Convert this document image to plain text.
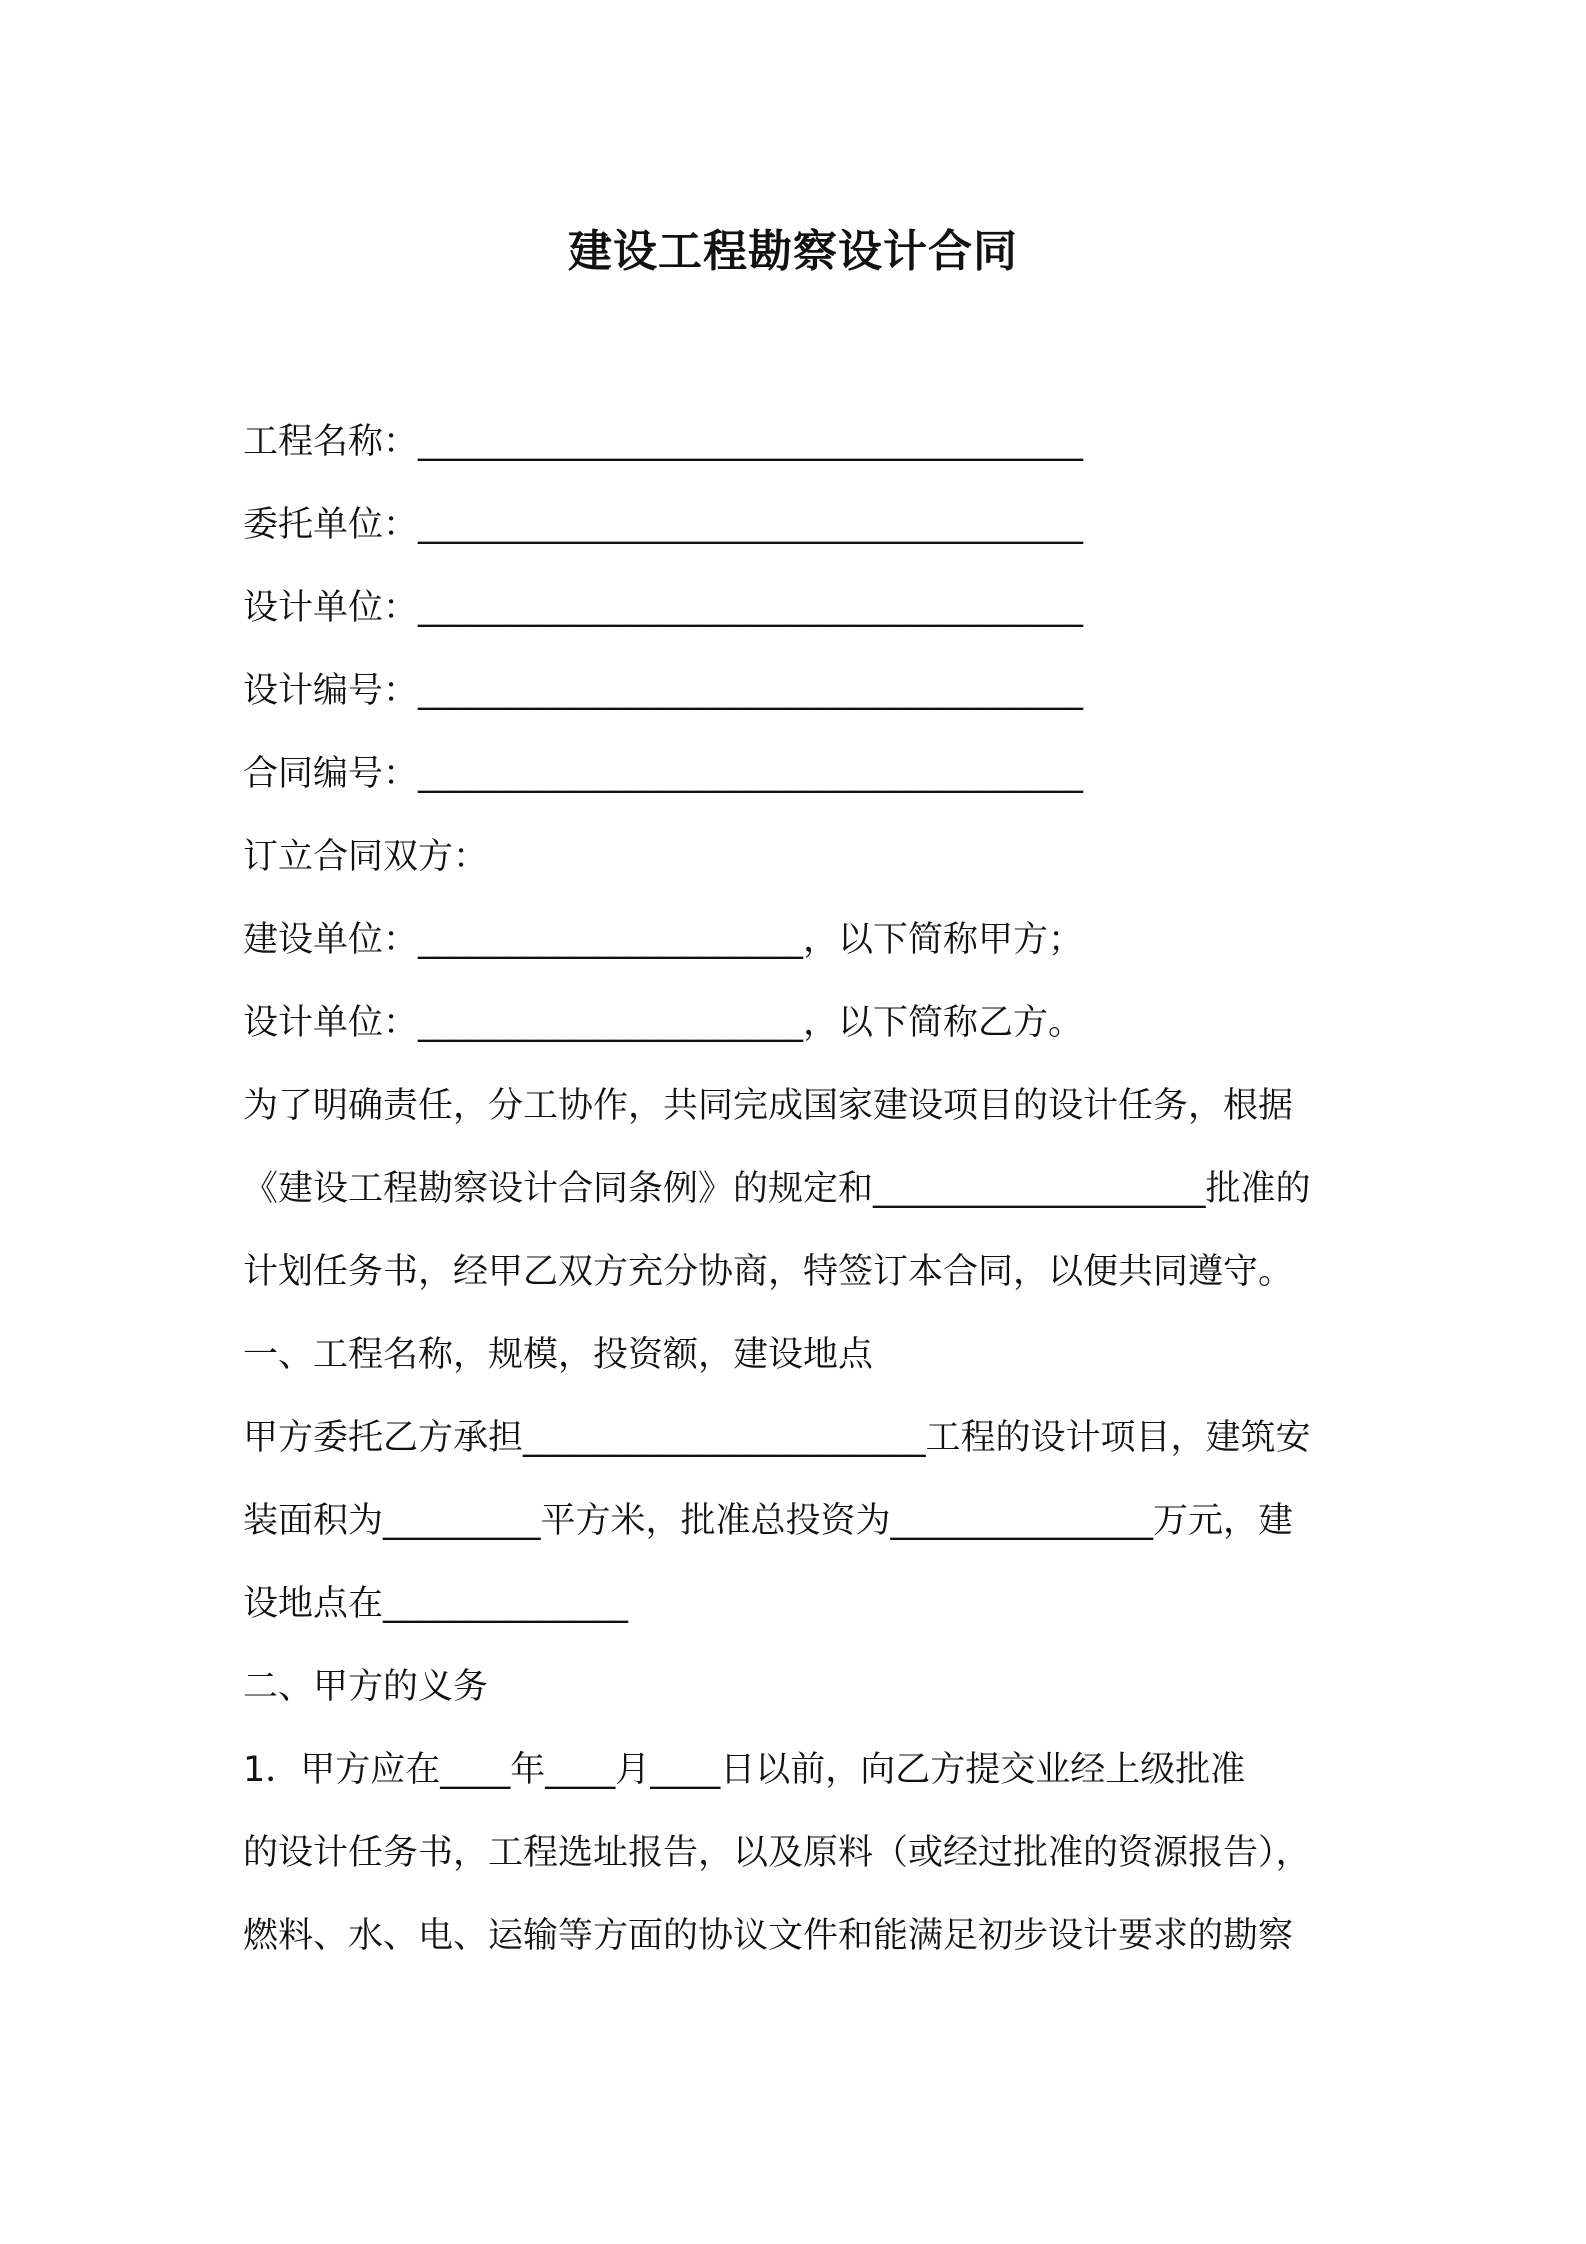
建设工程勘察设计合同
工程名称：______________________________________
委托单位：______________________________________
设计单位：______________________________________
设计编号：______________________________________
合同编号：______________________________________
订立合同双方：
建设单位：______________________，以下简称甲方；
设计单位：______________________，以下简称乙方。
为了明确责任，分工协作，共同完成国家建设项目的设计任务，根据
《建设工程勘察设计合同条例》的规定和___________________批准的
计划任务书，经甲乙双方充分协商，特签订本合同，以便共同遵守。
一、工程名称，规模，投资额，建设地点
甲方委托乙方承担_______________________工程的设计项目，建筑安
装面积为_________平方米，批准总投资为_______________万元，建
设地点在______________
二、甲方的义务
1．甲方应在____年____月____日以前，向乙方提交业经上级批准
的设计任务书，工程选址报告，以及原料（或经过批准的资源报告），
燃料、水、电、运输等方面的协议文件和能满足初步设计要求的勘察
